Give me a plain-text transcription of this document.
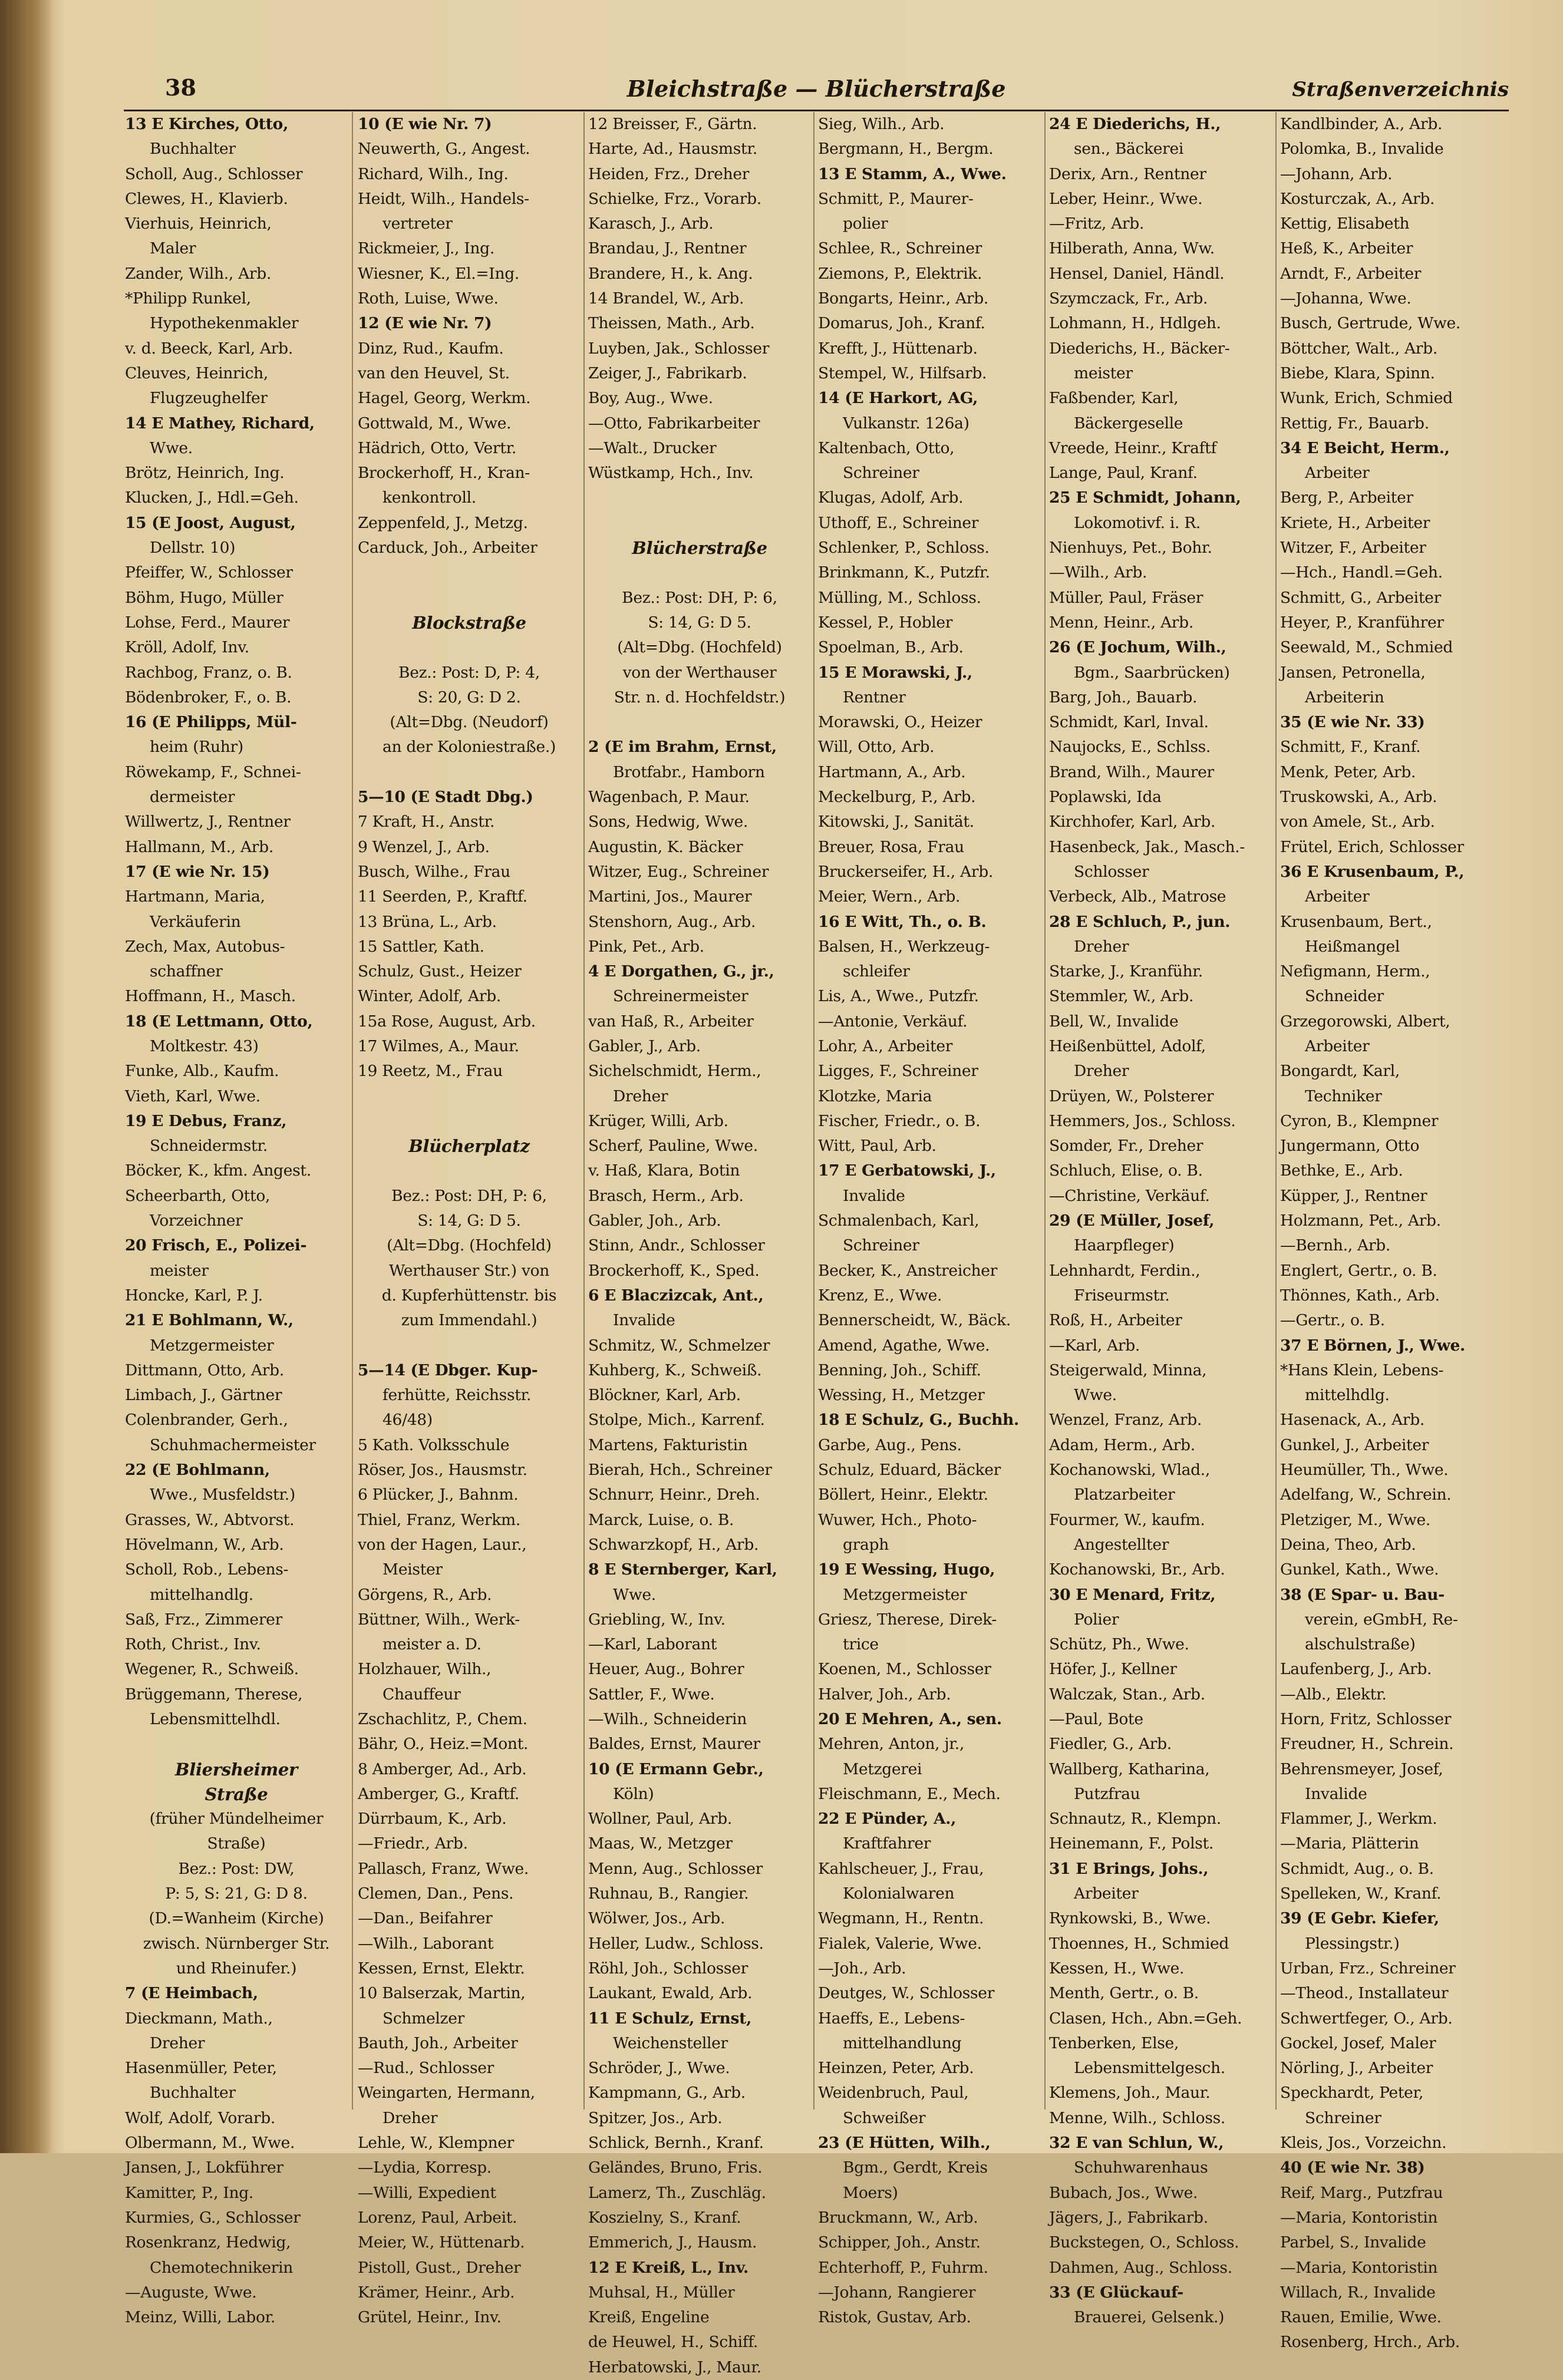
38	Bleichstraße — Blücherstraße	Straßenverzeichnis
13 E Kirches, Otto,
Buchhalter
Scholl, Aug., Schlosser
Clewes, H., Klavierb.
Vierhuis, Heinrich,
Maler
Zander, Wilh., Arb.
*Philipp Runkel,
Hypothekenmakler
v. d. Beeck, Karl, Arb.
Cleuves, Heinrich,
Flugzeughelfer
14 E Mathey, Richard,
Wwe.
Brötz, Heinrich, Ing.
Klucken, J., Hdl.=Geh.
15 (E Joost, August,
Dellstr. 10)
Pfeiffer, W., Schlosser
Böhm, Hugo, Müller
Lohse, Ferd., Maurer
Kröll, Adolf, Inv.
Rachbog, Franz, o. B.
Bödenbroker, F., o. B.
16 (E Philipps, Mül-
heim (Ruhr)
Röwekamp, F., Schnei-
dermeister
Willwertz, J., Rentner
Hallmann, M., Arb.
17 (E wie Nr. 15)
Hartmann, Maria,
Verkäuferin
Zech, Max, Autobus-
schaffner
Hoffmann, H., Masch.
18 (E Lettmann, Otto,
Moltkestr. 43)
Funke, Alb., Kaufm.
Vieth, Karl, Wwe.
19 E Debus, Franz,
Schneidermstr.
Böcker, K., kfm. Angest.
Scheerbarth, Otto,
Vorzeichner
20 Frisch, E., Polizei-
meister
Honcke, Karl, P. J.
21 E Bohlmann, W.,
Metzgermeister
Dittmann, Otto, Arb.
Limbach, J., Gärtner
Colenbrander, Gerh.,
Schuhmachermeister
22 (E Bohlmann,
Wwe., Musfeldstr.)
Grasses, W., Abtvorst.
Hövelmann, W., Arb.
Scholl, Rob., Lebens-
mittelhandlg.
Saß, Frz., Zimmerer
Roth, Christ., Inv.
Wegener, R., Schweiß.
Brüggemann, Therese,
Lebensmittelhdl.
Bliersheimer
Straße
(früher Mündelheimer
Straße)
Bez.: Post: DW,
P: 5, S: 21, G: D 8.
(D.=Wanheim (Kirche)
zwisch. Nürnberger Str.
und Rheinufer.)
7 (E Heimbach,
Dieckmann, Math.,
Dreher
Hasenmüller, Peter,
Buchhalter
Wolf, Adolf, Vorarb.
Olbermann, M., Wwe.
Jansen, J., Lokführer
Kamitter, P., Ing.
Kurmies, G., Schlosser
Rosenkranz, Hedwig,
Chemotechnikerin
—Auguste, Wwe.
Meinz, Willi, Labor.
10 (E wie Nr. 7)
Neuwerth, G., Angest.
Richard, Wilh., Ing.
Heidt, Wilh., Handels-
vertreter
Rickmeier, J., Ing.
Wiesner, K., El.=Ing.
Roth, Luise, Wwe.
12 (E wie Nr. 7)
Dinz, Rud., Kaufm.
van den Heuvel, St.
Hagel, Georg, Werkm.
Gottwald, M., Wwe.
Hädrich, Otto, Vertr.
Brockerhoff, H., Kran-
kenkontroll.
Zeppenfeld, J., Metzg.
Carduck, Joh., Arbeiter
Blockstraße
Bez.: Post: D, P: 4,
S: 20, G: D 2.
(Alt=Dbg. (Neudorf)
an der Koloniestraße.)
5—10 (E Stadt Dbg.)
7 Kraft, H., Anstr.
9 Wenzel, J., Arb.
Busch, Wilhe., Frau
11 Seerden, P., Kraftf.
13 Brüna, L., Arb.
15 Sattler, Kath.
Schulz, Gust., Heizer
Winter, Adolf, Arb.
15a Rose, August, Arb.
17 Wilmes, A., Maur.
19 Reetz, M., Frau
Blücherplatz
Bez.: Post: DH, P: 6,
S: 14, G: D 5.
(Alt=Dbg. (Hochfeld)
Werthauser Str.) von
d. Kupferhüttenstr. bis
zum Immendahl.)
5—14 (E Dbger. Kup-
ferhütte, Reichsstr.
46/48)
5 Kath. Volksschule
Röser, Jos., Hausmstr.
6 Plücker, J., Bahnm.
Thiel, Franz, Werkm.
von der Hagen, Laur.,
Meister
Görgens, R., Arb.
Büttner, Wilh., Werk-
meister a. D.
Holzhauer, Wilh.,
Chauffeur
Zschachlitz, P., Chem.
Bähr, O., Heiz.=Mont.
8 Amberger, Ad., Arb.
Amberger, G., Kraftf.
Dürrbaum, K., Arb.
—Friedr., Arb.
Pallasch, Franz, Wwe.
Clemen, Dan., Pens.
—Dan., Beifahrer
—Wilh., Laborant
Kessen, Ernst, Elektr.
10 Balserzak, Martin,
Schmelzer
Bauth, Joh., Arbeiter
—Rud., Schlosser
Weingarten, Hermann,
Dreher
Lehle, W., Klempner
—Lydia, Korresp.
—Willi, Expedient
Lorenz, Paul, Arbeit.
Meier, W., Hüttenarb.
Pistoll, Gust., Dreher
Krämer, Heinr., Arb.
Grütel, Heinr., Inv.
12 Breisser, F., Gärtn.
Harte, Ad., Hausmstr.
Heiden, Frz., Dreher
Schielke, Frz., Vorarb.
Karasch, J., Arb.
Brandau, J., Rentner
Brandere, H., k. Ang.
14 Brandel, W., Arb.
Theissen, Math., Arb.
Luyben, Jak., Schlosser
Zeiger, J., Fabrikarb.
Boy, Aug., Wwe.
—Otto, Fabrikarbeiter
—Walt., Drucker
Wüstkamp, Hch., Inv.
Blücherstraße
Bez.: Post: DH, P: 6,
S: 14, G: D 5.
(Alt=Dbg. (Hochfeld)
von der Werthauser
Str. n. d. Hochfeldstr.)
2 (E im Brahm, Ernst,
Brotfabr., Hamborn
Wagenbach, P. Maur.
Sons, Hedwig, Wwe.
Augustin, K. Bäcker
Witzer, Eug., Schreiner
Martini, Jos., Maurer
Stenshorn, Aug., Arb.
Pink, Pet., Arb.
4 E Dorgathen, G., jr.,
Schreinermeister
van Haß, R., Arbeiter
Gabler, J., Arb.
Sichelschmidt, Herm.,
Dreher
Krüger, Willi, Arb.
Scherf, Pauline, Wwe.
v. Haß, Klara, Botin
Brasch, Herm., Arb.
Gabler, Joh., Arb.
Stinn, Andr., Schlosser
Brockerhoff, K., Sped.
6 E Blaczizcak, Ant.,
Invalide
Schmitz, W., Schmelzer
Kuhberg, K., Schweiß.
Blöckner, Karl, Arb.
Stolpe, Mich., Karrenf.
Martens, Fakturistin
Bierah, Hch., Schreiner
Schnurr, Heinr., Dreh.
Marck, Luise, o. B.
Schwarzkopf, H., Arb.
8 E Sternberger, Karl,
Wwe.
Griebling, W., Inv.
—Karl, Laborant
Heuer, Aug., Bohrer
Sattler, F., Wwe.
—Wilh., Schneiderin
Baldes, Ernst, Maurer
10 (E Ermann Gebr.,
Köln)
Wollner, Paul, Arb.
Maas, W., Metzger
Menn, Aug., Schlosser
Ruhnau, B., Rangier.
Wölwer, Jos., Arb.
Heller, Ludw., Schloss.
Röhl, Joh., Schlosser
Laukant, Ewald, Arb.
11 E Schulz, Ernst,
Weichensteller
Schröder, J., Wwe.
Kampmann, G., Arb.
Spitzer, Jos., Arb.
Schlick, Bernh., Kranf.
Geländes, Bruno, Fris.
Lamerz, Th., Zuschläg.
Koszielny, S., Kranf.
Emmerich, J., Hausm.
12 E Kreiß, L., Inv.
Muhsal, H., Müller
Kreiß, Engeline
de Heuwel, H., Schiff.
Herbatowski, J., Maur.
Sieg, Wilh., Arb.
Bergmann, H., Bergm.
13 E Stamm, A., Wwe.
Schmitt, P., Maurer-
polier
Schlee, R., Schreiner
Ziemons, P., Elektrik.
Bongarts, Heinr., Arb.
Domarus, Joh., Kranf.
Krefft, J., Hüttenarb.
Stempel, W., Hilfsarb.
14 (E Harkort, AG,
Vulkanstr. 126a)
Kaltenbach, Otto,
Schreiner
Klugas, Adolf, Arb.
Uthoff, E., Schreiner
Schlenker, P., Schloss.
Brinkmann, K., Putzfr.
Mülling, M., Schloss.
Kessel, P., Hobler
Spoelman, B., Arb.
15 E Morawski, J.,
Rentner
Morawski, O., Heizer
Will, Otto, Arb.
Hartmann, A., Arb.
Meckelburg, P., Arb.
Kitowski, J., Sanität.
Breuer, Rosa, Frau
Bruckerseifer, H., Arb.
Meier, Wern., Arb.
16 E Witt, Th., o. B.
Balsen, H., Werkzeug-
schleifer
Lis, A., Wwe., Putzfr.
—Antonie, Verkäuf.
Lohr, A., Arbeiter
Ligges, F., Schreiner
Klotzke, Maria
Fischer, Friedr., o. B.
Witt, Paul, Arb.
17 E Gerbatowski, J.,
Invalide
Schmalenbach, Karl,
Schreiner
Becker, K., Anstreicher
Krenz, E., Wwe.
Bennerscheidt, W., Bäck.
Amend, Agathe, Wwe.
Benning, Joh., Schiff.
Wessing, H., Metzger
18 E Schulz, G., Buchh.
Garbe, Aug., Pens.
Schulz, Eduard, Bäcker
Böllert, Heinr., Elektr.
Wuwer, Hch., Photo-
graph
19 E Wessing, Hugo,
Metzgermeister
Griesz, Therese, Direk-
trice
Koenen, M., Schlosser
Halver, Joh., Arb.
20 E Mehren, A., sen.
Mehren, Anton, jr.,
Metzgerei
Fleischmann, E., Mech.
22 E Pünder, A.,
Kraftfahrer
Kahlscheuer, J., Frau,
Kolonialwaren
Wegmann, H., Rentn.
Fialek, Valerie, Wwe.
—Joh., Arb.
Deutges, W., Schlosser
Haeffs, E., Lebens-
mittelhandlung
Heinzen, Peter, Arb.
Weidenbruch, Paul,
Schweißer
23 (E Hütten, Wilh.,
Bgm., Gerdt, Kreis
Moers)
Bruckmann, W., Arb.
Schipper, Joh., Anstr.
Echterhoff, P., Fuhrm.
—Johann, Rangierer
Ristok, Gustav, Arb.
24 E Diederichs, H.,
sen., Bäckerei
Derix, Arn., Rentner
Leber, Heinr., Wwe.
—Fritz, Arb.
Hilberath, Anna, Ww.
Hensel, Daniel, Händl.
Szymczack, Fr., Arb.
Lohmann, H., Hdlgeh.
Diederichs, H., Bäcker-
meister
Faßbender, Karl,
Bäckergeselle
Vreede, Heinr., Kraftf
Lange, Paul, Kranf.
25 E Schmidt, Johann,
Lokomotivf. i. R.
Nienhuys, Pet., Bohr.
—Wilh., Arb.
Müller, Paul, Fräser
Menn, Heinr., Arb.
26 (E Jochum, Wilh.,
Bgm., Saarbrücken)
Barg, Joh., Bauarb.
Schmidt, Karl, Inval.
Naujocks, E., Schlss.
Brand, Wilh., Maurer
Poplawski, Ida
Kirchhofer, Karl, Arb.
Hasenbeck, Jak., Masch.-
Schlosser
Verbeck, Alb., Matrose
28 E Schluch, P., jun.
Dreher
Starke, J., Kranführ.
Stemmler, W., Arb.
Bell, W., Invalide
Heißenbüttel, Adolf,
Dreher
Drüyen, W., Polsterer
Hemmers, Jos., Schloss.
Somder, Fr., Dreher
Schluch, Elise, o. B.
—Christine, Verkäuf.
29 (E Müller, Josef,
Haarpfleger)
Lehnhardt, Ferdin.,
Friseurmstr.
Roß, H., Arbeiter
—Karl, Arb.
Steigerwald, Minna,
Wwe.
Wenzel, Franz, Arb.
Adam, Herm., Arb.
Kochanowski, Wlad.,
Platzarbeiter
Fourmer, W., kaufm.
Angestellter
Kochanowski, Br., Arb.
30 E Menard, Fritz,
Polier
Schütz, Ph., Wwe.
Höfer, J., Kellner
Walczak, Stan., Arb.
—Paul, Bote
Fiedler, G., Arb.
Wallberg, Katharina,
Putzfrau
Schnautz, R., Klempn.
Heinemann, F., Polst.
31 E Brings, Johs.,
Arbeiter
Rynkowski, B., Wwe.
Thoennes, H., Schmied
Kessen, H., Wwe.
Menth, Gertr., o. B.
Clasen, Hch., Abn.=Geh.
Tenberken, Else,
Lebensmittelgesch.
Klemens, Joh., Maur.
Menne, Wilh., Schloss.
32 E van Schlun, W.,
Schuhwarenhaus
Bubach, Jos., Wwe.
Jägers, J., Fabrikarb.
Buckstegen, O., Schloss.
Dahmen, Aug., Schloss.
33 (E Glückauf-
Brauerei, Gelsenk.)
Kandlbinder, A., Arb.
Polomka, B., Invalide
—Johann, Arb.
Kosturczak, A., Arb.
Kettig, Elisabeth
Heß, K., Arbeiter
Arndt, F., Arbeiter
—Johanna, Wwe.
Busch, Gertrude, Wwe.
Böttcher, Walt., Arb.
Biebe, Klara, Spinn.
Wunk, Erich, Schmied
Rettig, Fr., Bauarb.
34 E Beicht, Herm.,
Arbeiter
Berg, P., Arbeiter
Kriete, H., Arbeiter
Witzer, F., Arbeiter
—Hch., Handl.=Geh.
Schmitt, G., Arbeiter
Heyer, P., Kranführer
Seewald, M., Schmied
Jansen, Petronella,
Arbeiterin
35 (E wie Nr. 33)
Schmitt, F., Kranf.
Menk, Peter, Arb.
Truskowski, A., Arb.
von Amele, St., Arb.
Frütel, Erich, Schlosser
36 E Krusenbaum, P.,
Arbeiter
Krusenbaum, Bert.,
Heißmangel
Nefigmann, Herm.,
Schneider
Grzegorowski, Albert,
Arbeiter
Bongardt, Karl,
Techniker
Cyron, B., Klempner
Jungermann, Otto
Bethke, E., Arb.
Küpper, J., Rentner
Holzmann, Pet., Arb.
—Bernh., Arb.
Englert, Gertr., o. B.
Thönnes, Kath., Arb.
—Gertr., o. B.
37 E Börnen, J., Wwe.
*Hans Klein, Lebens-
mittelhdlg.
Hasenack, A., Arb.
Gunkel, J., Arbeiter
Heumüller, Th., Wwe.
Adelfang, W., Schrein.
Pletziger, M., Wwe.
Deina, Theo, Arb.
Gunkel, Kath., Wwe.
38 (E Spar- u. Bau-
verein, eGmbH, Re-
alschulstraße)
Laufenberg, J., Arb.
—Alb., Elektr.
Horn, Fritz, Schlosser
Freudner, H., Schrein.
Behrensmeyer, Josef,
Invalide
Flammer, J., Werkm.
—Maria, Plätterin
Schmidt, Aug., o. B.
Spelleken, W., Kranf.
39 (E Gebr. Kiefer,
Plessingstr.)
Urban, Frz., Schreiner
—Theod., Installateur
Schwertfeger, O., Arb.
Gockel, Josef, Maler
Nörling, J., Arbeiter
Speckhardt, Peter,
Schreiner
Kleis, Jos., Vorzeichn.
40 (E wie Nr. 38)
Reif, Marg., Putzfrau
—Maria, Kontoristin
Parbel, S., Invalide
—Maria, Kontoristin
Willach, R., Invalide
Rauen, Emilie, Wwe.
Rosenberg, Hrch., Arb.
